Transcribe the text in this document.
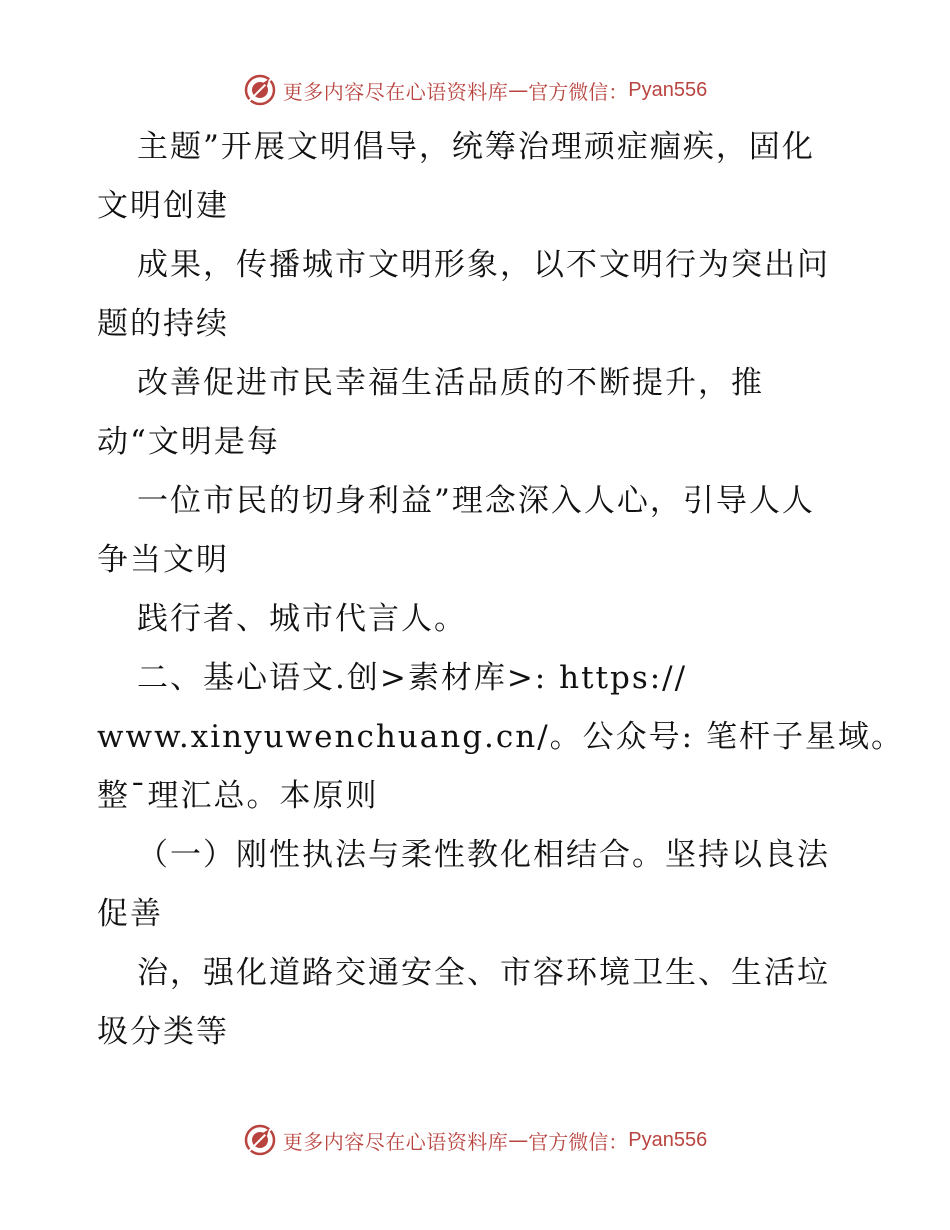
更多内容尽在心语资料库 — 官方微信： Pyan556
主题”开展文明倡导，统筹治理顽症痼疾，固化
文明创建
成果，传播城市文明形象，以不文明行为突出问
题的持续
改善促进市民幸福生活品质的不断提升，推
动“文明是每
一位市民的切身利益”理念深入人心，引导人人
争当文明
践行者、城市代言人。
二、基心语文.创>素材库>: https://
www.xinyuwenchuang.cn/。公众号: 笔杆子星域。
整¯理汇总。本原则
（一）刚性执法与柔性教化相结合。坚持以良法
促善
治，强化道路交通安全、市容环境卫生、生活垃
圾分类等
更多内容尽在心语资料库 — 官方微信： Pyan556
